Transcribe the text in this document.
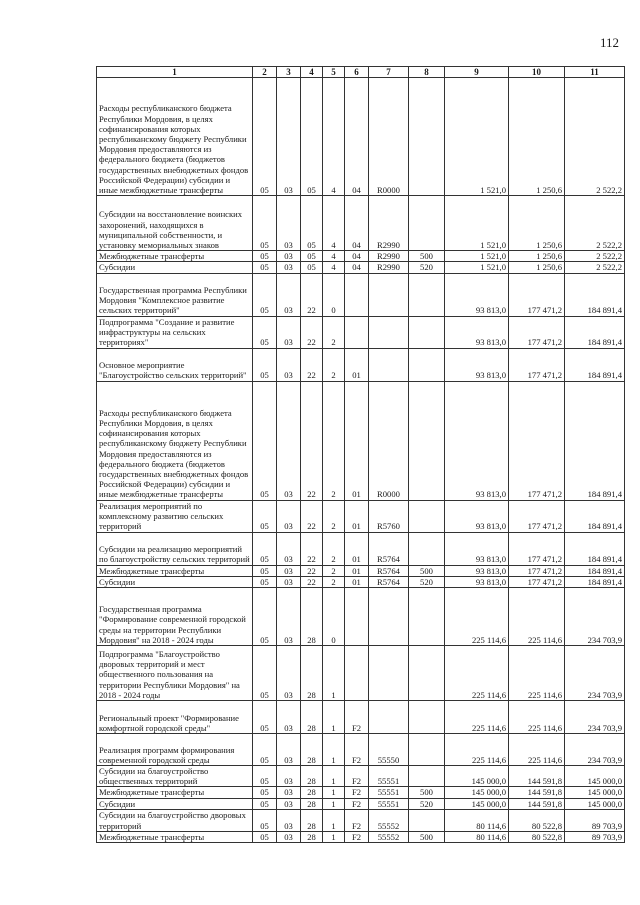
112
1	2	3	4	5	6	7	8	9	10	11
Расходы республиканского бюджета Республики Мордовия, в целях софинансирования которых республиканскому бюджету Республики Мордовия предоставляются из федерального бюджета (бюджетов государственных внебюджетных фондов Российской Федерации) субсидии и иные межбюджетные трансферты	05	03	05	4	04	R0000		1 521,0	1 250,6	2 522,2
Субсидии на восстановление воинских захоронений, находящихся в муниципальной собственности, и установку мемориальных знаков	05	03	05	4	04	R2990		1 521,0	1 250,6	2 522,2
Межбюджетные трансферты	05	03	05	4	04	R2990	500	1 521,0	1 250,6	2 522,2
Субсидии	05	03	05	4	04	R2990	520	1 521,0	1 250,6	2 522,2
Государственная программа Республики Мордовия "Комплексное развитие сельских территорий"	05	03	22	0				93 813,0	177 471,2	184 891,4
Подпрограмма "Создание и развитие инфраструктуры на сельских территориях"	05	03	22	2				93 813,0	177 471,2	184 891,4
Основное мероприятие "Благоустройство сельских территорий"	05	03	22	2	01			93 813,0	177 471,2	184 891,4
Расходы республиканского бюджета Республики Мордовия, в целях софинансирования которых республиканскому бюджету Республики Мордовия предоставляются из федерального бюджета (бюджетов государственных внебюджетных фондов Российской Федерации) субсидии и иные межбюджетные трансферты	05	03	22	2	01	R0000		93 813,0	177 471,2	184 891,4
Реализация мероприятий по комплексному развитию сельских территорий	05	03	22	2	01	R5760		93 813,0	177 471,2	184 891,4
Субсидии на реализацию мероприятий по благоустройству сельских территорий	05	03	22	2	01	R5764		93 813,0	177 471,2	184 891,4
Межбюджетные трансферты	05	03	22	2	01	R5764	500	93 813,0	177 471,2	184 891,4
Субсидии	05	03	22	2	01	R5764	520	93 813,0	177 471,2	184 891,4
Государственная программа "Формирование современной городской среды на территории Республики Мордовия" на 2018 - 2024 годы	05	03	28	0				225 114,6	225 114,6	234 703,9
Подпрограмма "Благоустройство дворовых территорий и мест общественного пользования на территории Республики Мордовия" на 2018 - 2024 годы	05	03	28	1				225 114,6	225 114,6	234 703,9
Региональный проект "Формирование комфортной городской среды"	05	03	28	1	F2			225 114,6	225 114,6	234 703,9
Реализация программ формирования современной городской среды	05	03	28	1	F2	55550		225 114,6	225 114,6	234 703,9
Субсидии на благоустройство общественных территорий	05	03	28	1	F2	55551		145 000,0	144 591,8	145 000,0
Межбюджетные трансферты	05	03	28	1	F2	55551	500	145 000,0	144 591,8	145 000,0
Субсидии	05	03	28	1	F2	55551	520	145 000,0	144 591,8	145 000,0
Субсидии на благоустройство дворовых территорий	05	03	28	1	F2	55552		80 114,6	80 522,8	89 703,9
Межбюджетные трансферты	05	03	28	1	F2	55552	500	80 114,6	80 522,8	89 703,9
